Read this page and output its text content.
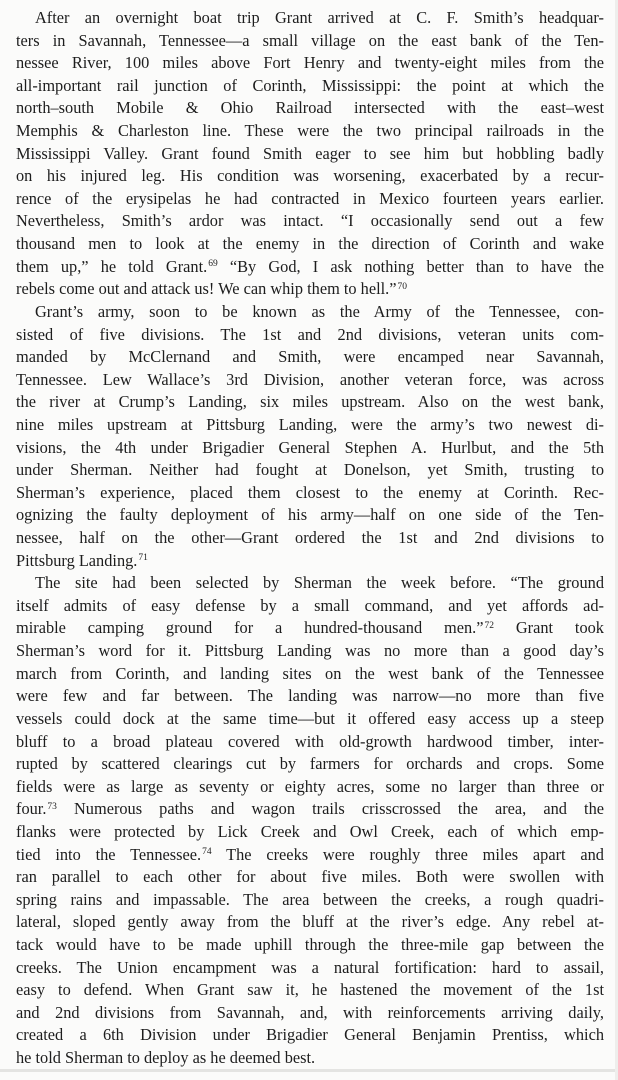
After an overnight boat trip Grant arrived at C. F. Smith’s headquar-
ters in Savannah, Tennessee—a small village on the east bank of the Ten-
nessee River, 100 miles above Fort Henry and twenty-eight miles from the
all-important rail junction of Corinth, Mississippi: the point at which the
north–south Mobile & Ohio Railroad intersected with the east–west
Memphis & Charleston line. These were the two principal railroads in the
Mississippi Valley. Grant found Smith eager to see him but hobbling badly
on his injured leg. His condition was worsening, exacerbated by a recur-
rence of the erysipelas he had contracted in Mexico fourteen years earlier.
Nevertheless, Smith’s ardor was intact. “I occasionally send out a few
thousand men to look at the enemy in the direction of Corinth and wake
them up,” he told Grant.$^{69}$ “By God, I ask nothing better than to have the
rebels come out and attack us! We can whip them to hell.”$^{70}$
Grant’s army, soon to be known as the Army of the Tennessee, con-
sisted of five divisions. The 1st and 2nd divisions, veteran units com-
manded by McClernand and Smith, were encamped near Savannah,
Tennessee. Lew Wallace’s 3rd Division, another veteran force, was across
the river at Crump’s Landing, six miles upstream. Also on the west bank,
nine miles upstream at Pittsburg Landing, were the army’s two newest di-
visions, the 4th under Brigadier General Stephen A. Hurlbut, and the 5th
under Sherman. Neither had fought at Donelson, yet Smith, trusting to
Sherman’s experience, placed them closest to the enemy at Corinth. Rec-
ognizing the faulty deployment of his army—half on one side of the Ten-
nessee, half on the other—Grant ordered the 1st and 2nd divisions to
Pittsburg Landing.$^{71}$
The site had been selected by Sherman the week before. “The ground
itself admits of easy defense by a small command, and yet affords ad-
mirable camping ground for a hundred-thousand men.”$^{72}$ Grant took
Sherman’s word for it. Pittsburg Landing was no more than a good day’s
march from Corinth, and landing sites on the west bank of the Tennessee
were few and far between. The landing was narrow—no more than five
vessels could dock at the same time—but it offered easy access up a steep
bluff to a broad plateau covered with old-growth hardwood timber, inter-
rupted by scattered clearings cut by farmers for orchards and crops. Some
fields were as large as seventy or eighty acres, some no larger than three or
four.$^{73}$ Numerous paths and wagon trails crisscrossed the area, and the
flanks were protected by Lick Creek and Owl Creek, each of which emp-
tied into the Tennessee.$^{74}$ The creeks were roughly three miles apart and
ran parallel to each other for about five miles. Both were swollen with
spring rains and impassable. The area between the creeks, a rough quadri-
lateral, sloped gently away from the bluff at the river’s edge. Any rebel at-
tack would have to be made uphill through the three-mile gap between the
creeks. The Union encampment was a natural fortification: hard to assail,
easy to defend. When Grant saw it, he hastened the movement of the 1st
and 2nd divisions from Savannah, and, with reinforcements arriving daily,
created a 6th Division under Brigadier General Benjamin Prentiss, which
he told Sherman to deploy as he deemed best.
